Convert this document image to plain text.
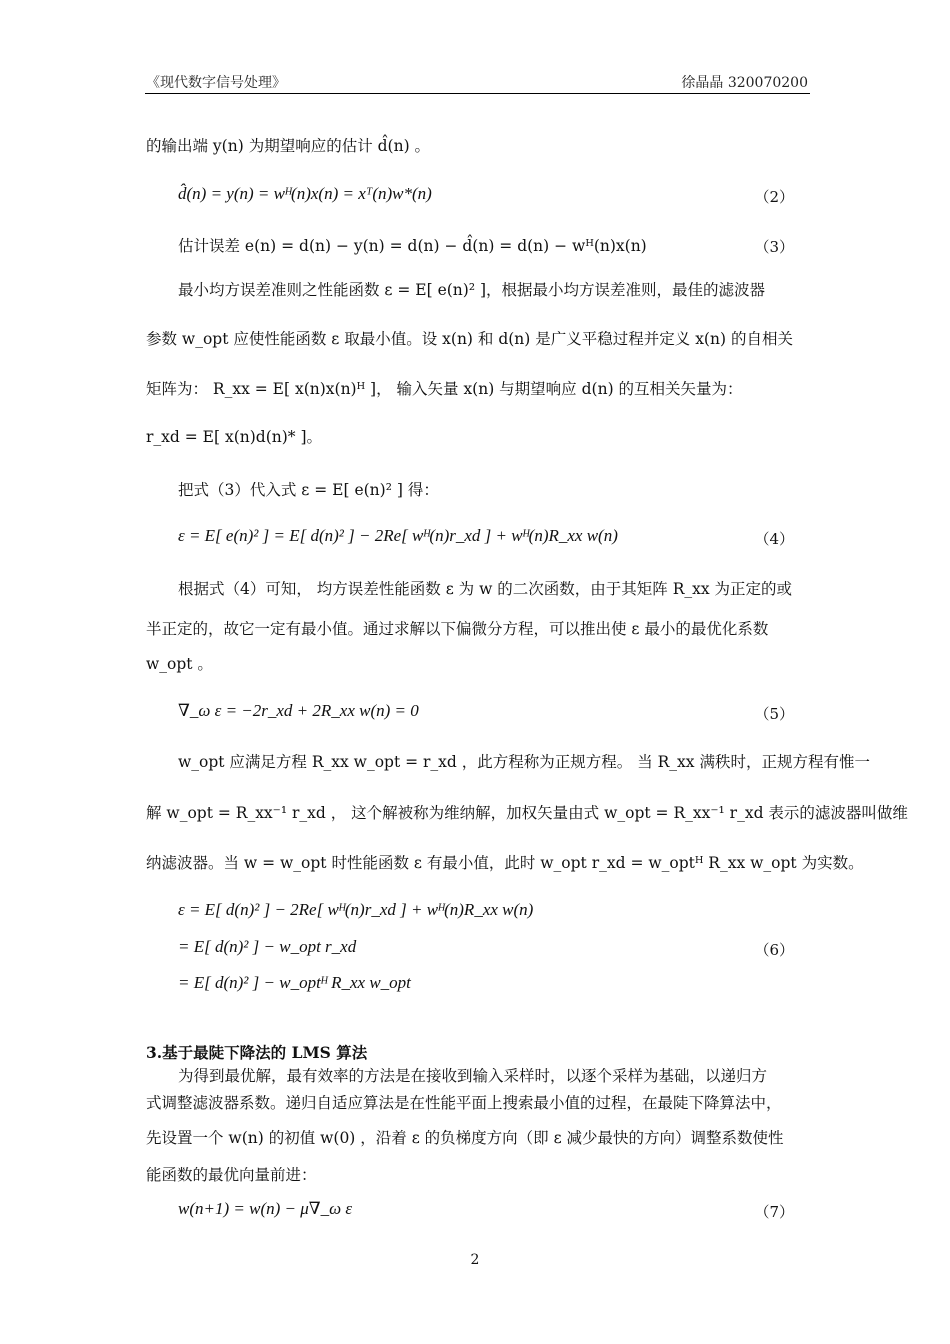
《现代数字信号处理》	徐晶晶 320070200
的输出端 y(n) 为期望响应的估计 d̂(n) 。
d̂(n) = y(n) = wᴴ(n)x(n) = xᵀ(n)w*(n)	（2）
估计误差 e(n) = d(n) − y(n) = d(n) − d̂(n) = d(n) − wᴴ(n)x(n)	（3）
最小均方误差准则之性能函数 ε = E[ e(n)² ]，根据最小均方误差准则，最佳的滤波器
参数 w_opt 应使性能函数 ε 取最小值。设 x(n) 和 d(n) 是广义平稳过程并定义 x(n) 的自相关
矩阵为： R_xx = E[ x(n)x(n)ᴴ ]， 输入矢量 x(n) 与期望响应 d(n) 的互相关矢量为：
r_xd = E[ x(n)d(n)* ]。
把式（3）代入式 ε = E[ e(n)² ] 得：
ε = E[ e(n)² ] = E[ d(n)² ] − 2Re[ wᴴ(n)r_xd ] + wᴴ(n)R_xx w(n)	（4）
根据式（4）可知， 均方误差性能函数 ε 为 w 的二次函数，由于其矩阵 R_xx 为正定的或
半正定的，故它一定有最小值。通过求解以下偏微分方程，可以推出使 ε 最小的最优化系数
w_opt 。
∇_ω ε = −2r_xd + 2R_xx w(n) = 0	（5）
w_opt 应满足方程 R_xx w_opt = r_xd ，此方程称为正规方程。 当 R_xx 满秩时，正规方程有惟一
解 w_opt = R_xx⁻¹ r_xd ， 这个解被称为维纳解，加权矢量由式 w_opt = R_xx⁻¹ r_xd 表示的滤波器叫做维
纳滤波器。当 w = w_opt 时性能函数 ε 有最小值，此时 w_opt r_xd = w_optᴴ R_xx w_opt 为实数。
ε = E[ d(n)² ] − 2Re[ wᴴ(n)r_xd ] + wᴴ(n)R_xx w(n)
= E[ d(n)² ] − w_opt r_xd	（6）
= E[ d(n)² ] − w_optᴴ R_xx w_opt
3.基于最陡下降法的 LMS 算法
为得到最优解，最有效率的方法是在接收到输入采样时，以逐个采样为基础，以递归方
式调整滤波器系数。递归自适应算法是在性能平面上搜索最小值的过程，在最陡下降算法中，
先设置一个 w(n) 的初值 w(0) ，沿着 ε 的负梯度方向（即 ε 减少最快的方向）调整系数使性
能函数的最优向量前进：
w(n+1) = w(n) − μ∇_ω ε	（7）
2
